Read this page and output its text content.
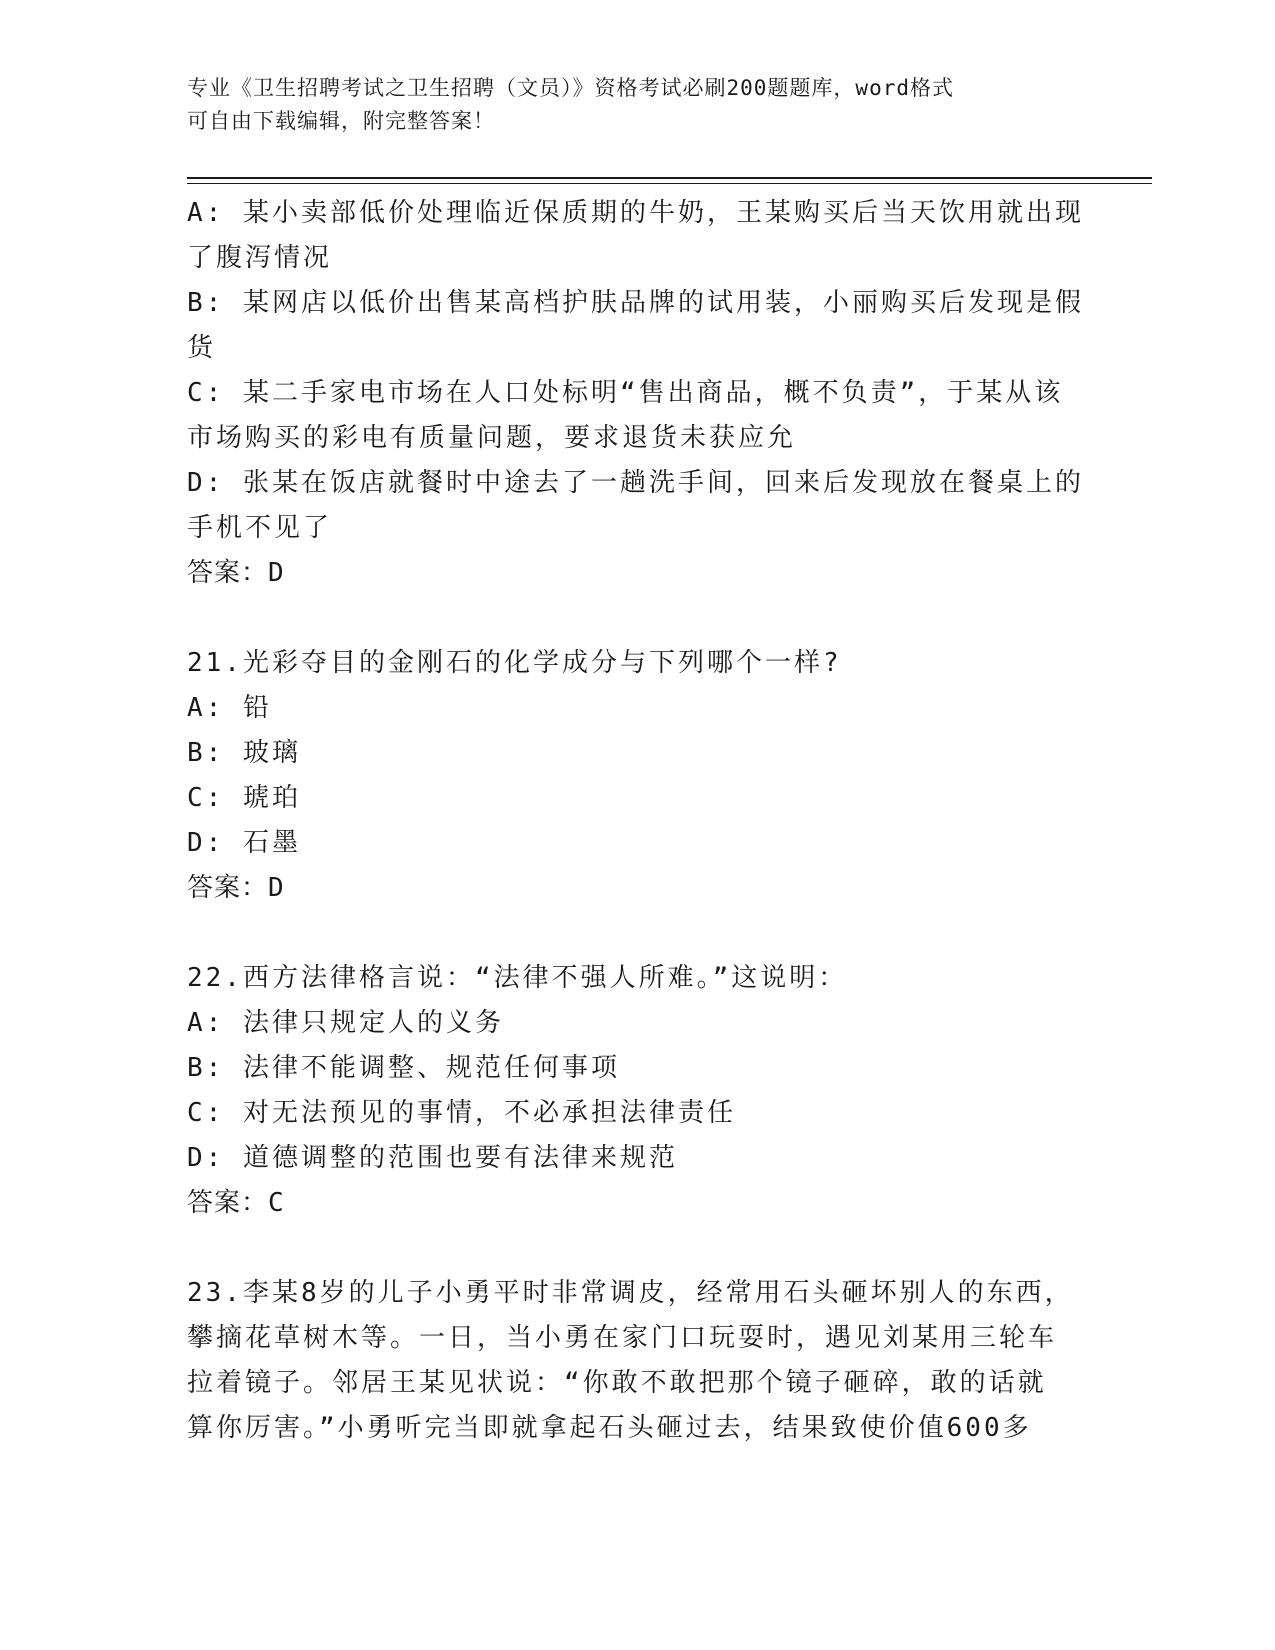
专业《卫生招聘考试之卫生招聘（文员）》资格考试必刷200题题库，word格式
可自由下载编辑，附完整答案！
A: 某小卖部低价处理临近保质期的牛奶，王某购买后当天饮用就出现
了腹泻情况
B: 某网店以低价出售某高档护肤品牌的试用装，小丽购买后发现是假
货
C: 某二手家电市场在人口处标明“售出商品，概不负责”，于某从该
市场购买的彩电有质量问题，要求退货未获应允
D: 张某在饭店就餐时中途去了一趟洗手间，回来后发现放在餐桌上的
手机不见了
答案：D
21.光彩夺目的金刚石的化学成分与下列哪个一样?
A: 铅
B: 玻璃
C: 琥珀
D: 石墨
答案：D
22.西方法律格言说：“法律不强人所难。”这说明：
A: 法律只规定人的义务
B: 法律不能调整、规范任何事项
C: 对无法预见的事情，不必承担法律责任
D: 道德调整的范围也要有法律来规范
答案：C
23.李某8岁的儿子小勇平时非常调皮，经常用石头砸坏别人的东西，
攀摘花草树木等。一日，当小勇在家门口玩耍时，遇见刘某用三轮车
拉着镜子。邻居王某见状说：“你敢不敢把那个镜子砸碎，敢的话就
算你厉害。”小勇听完当即就拿起石头砸过去，结果致使价值600多
